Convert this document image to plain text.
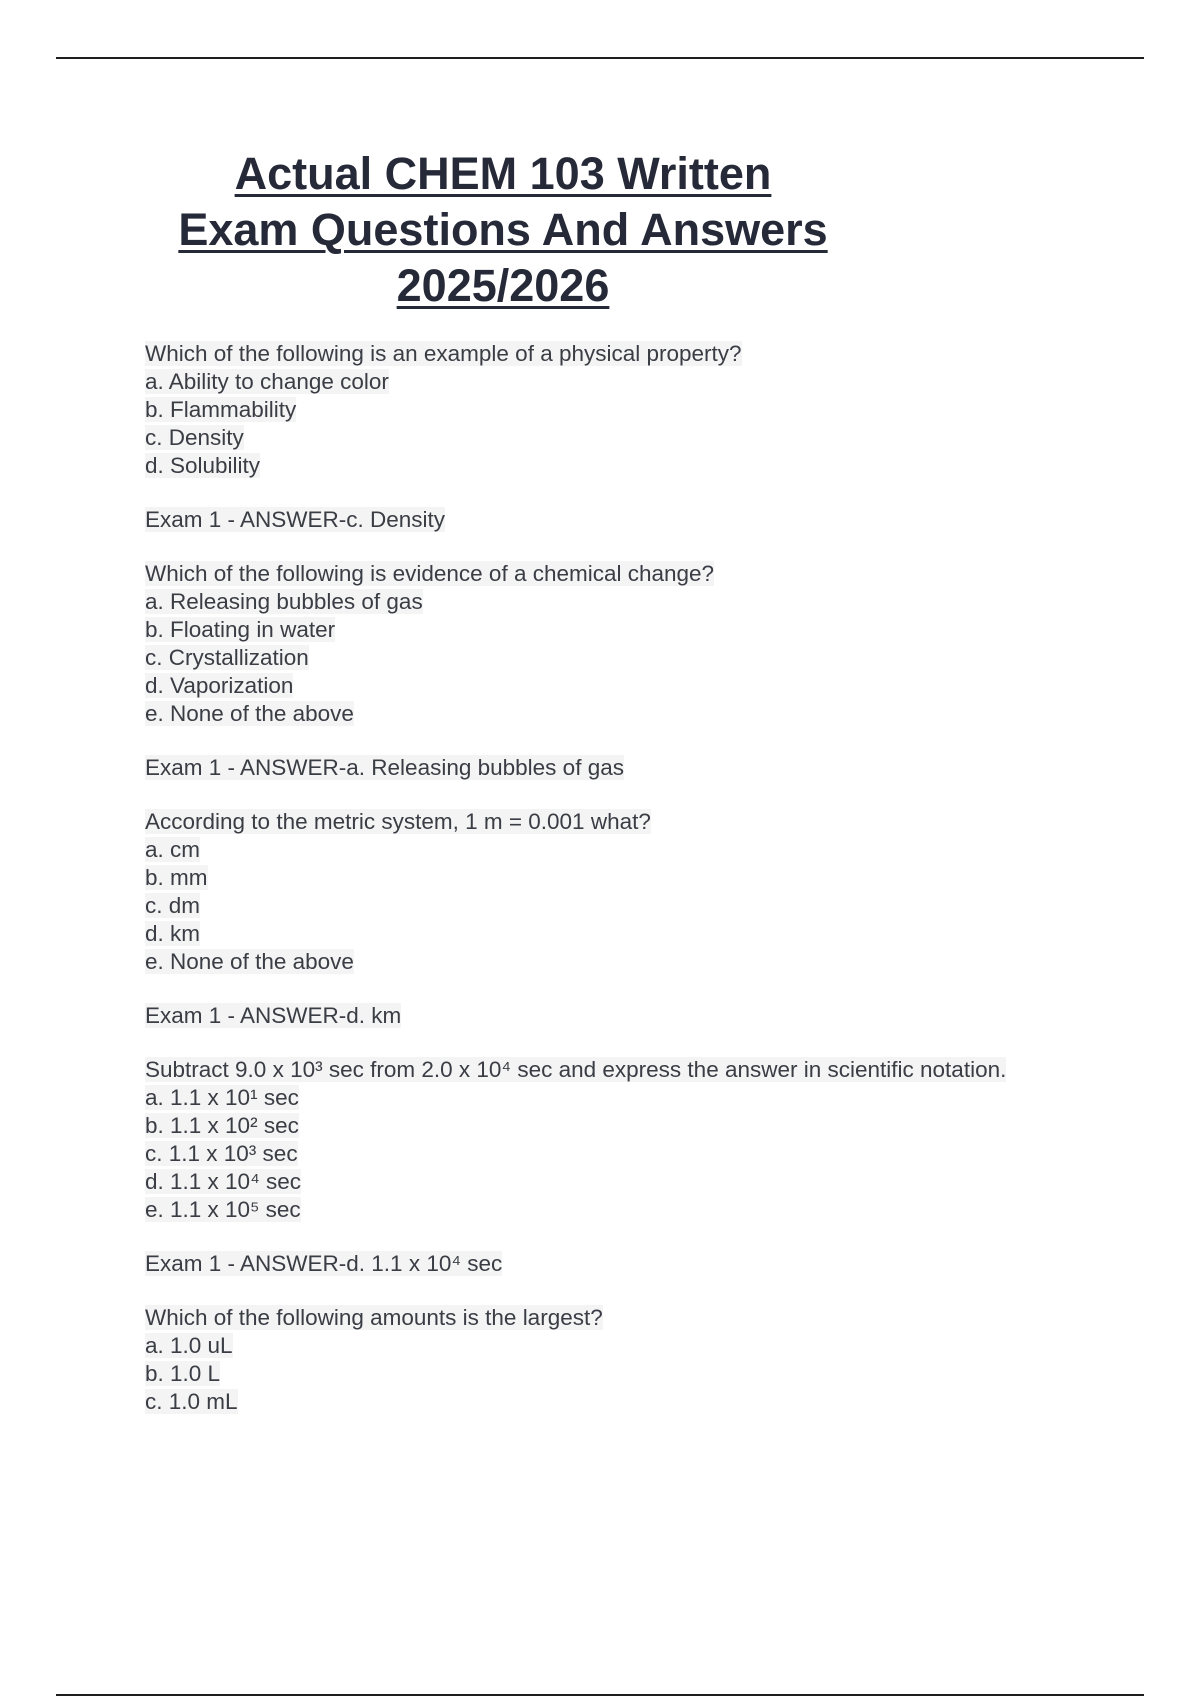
Actual CHEM 103 Written
Exam Questions And Answers
2025/2026
Which of the following is an example of a physical property?
a. Ability to change color
b. Flammability
c. Density
d. Solubility
Exam 1 - ANSWER-c. Density
Which of the following is evidence of a chemical change?
a. Releasing bubbles of gas
b. Floating in water
c. Crystallization
d. Vaporization
e. None of the above
Exam 1 - ANSWER-a. Releasing bubbles of gas
According to the metric system, 1 m = 0.001 what?
a. cm
b. mm
c. dm
d. km
e. None of the above
Exam 1 - ANSWER-d. km
Subtract 9.0 x 10³ sec from 2.0 x 10⁴ sec and express the answer in scientific notation.
a. 1.1 x 10¹ sec
b. 1.1 x 10² sec
c. 1.1 x 10³ sec
d. 1.1 x 10⁴ sec
e. 1.1 x 10⁵ sec
Exam 1 - ANSWER-d. 1.1 x 10⁴ sec
Which of the following amounts is the largest?
a. 1.0 uL
b. 1.0 L
c. 1.0 mL
